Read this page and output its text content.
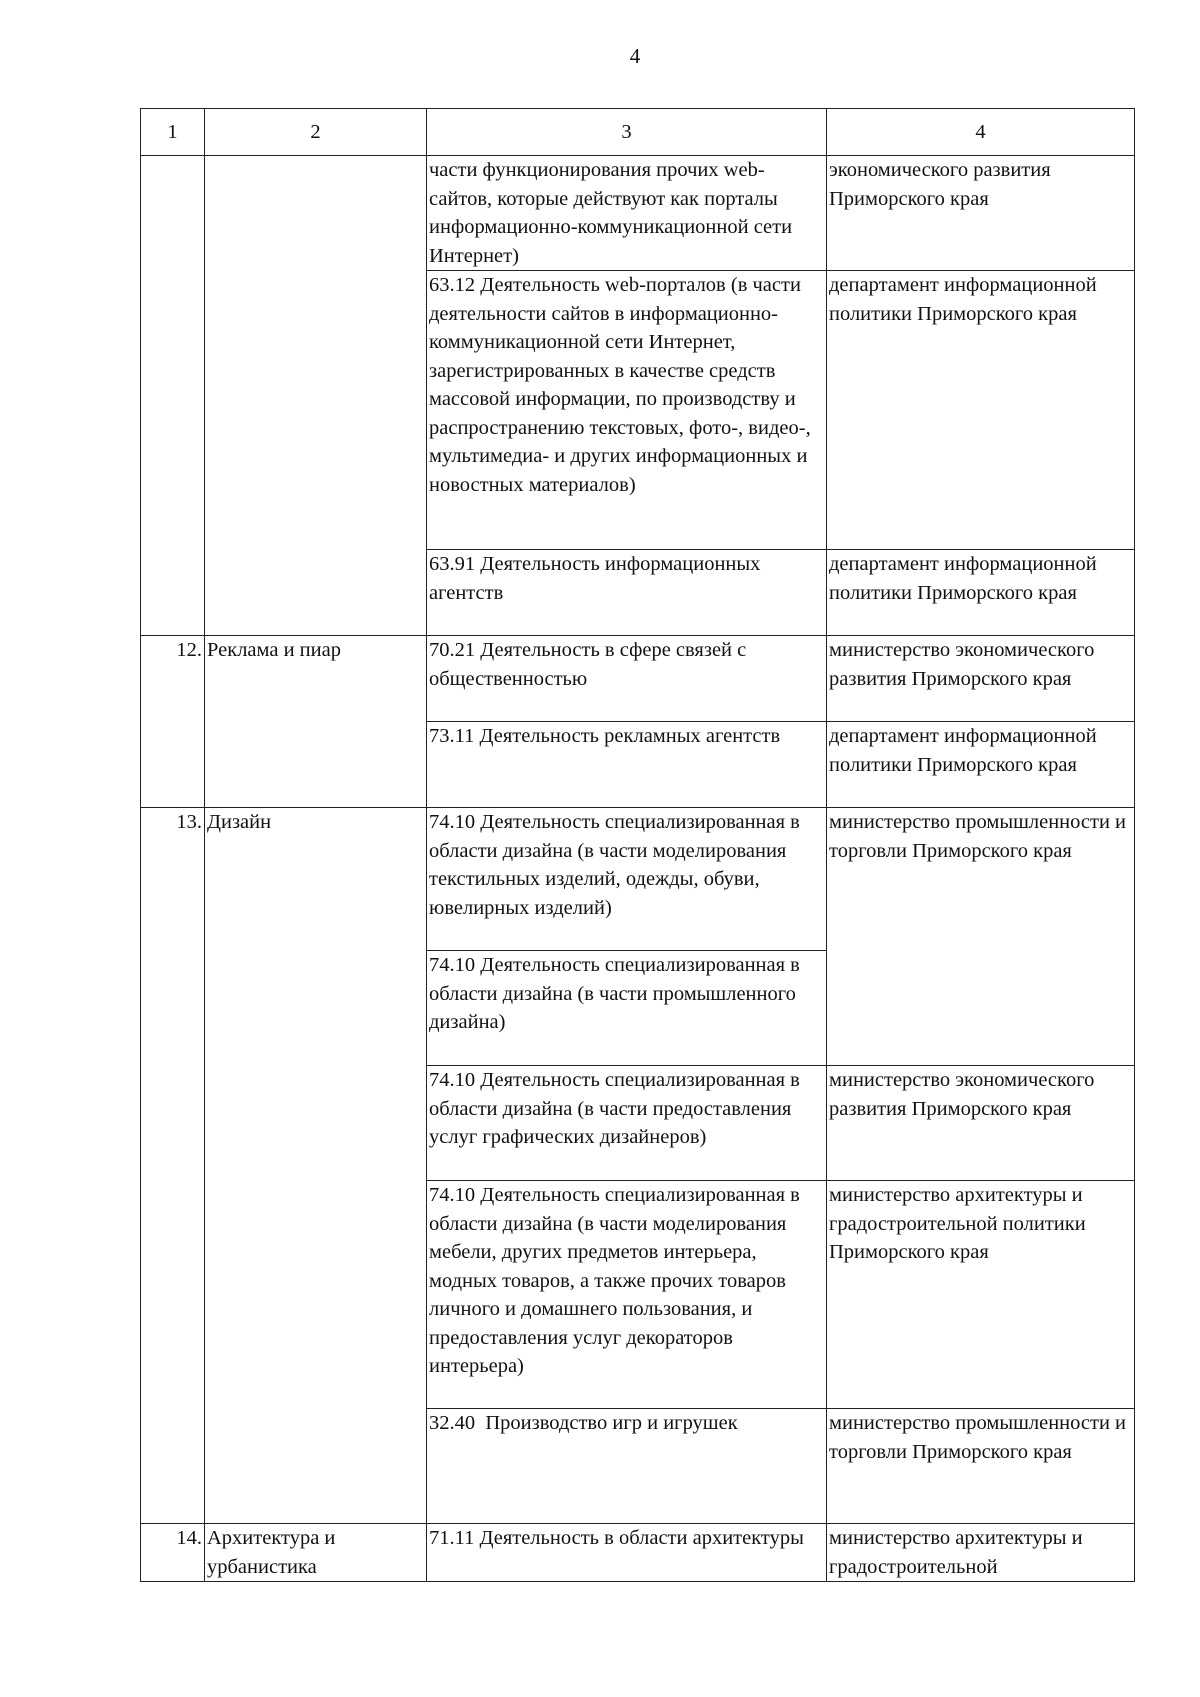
4
1	2	3	4
		части функционирования прочих web-сайтов, которые действуют как порталы информационно-коммуникационной сети Интернет)	экономического развития Приморского края
		63.12 Деятельность web-порталов (в части деятельности сайтов в информационно-коммуникационной сети Интернет, зарегистрированных в качестве средств массовой информации, по производству и распространению текстовых, фото-, видео-, мультимедиа- и других информационных и новостных материалов)	департамент информационной политики Приморского края
		63.91 Деятельность информационных агентств	департамент информационной политики Приморского края
12.	Реклама и пиар	70.21 Деятельность в сфере связей с общественностью	министерство экономического развития Приморского края
		73.11 Деятельность рекламных агентств	департамент информационной политики Приморского края
13.	Дизайн	74.10 Деятельность специализированная в области дизайна (в части моделирования текстильных изделий, одежды, обуви, ювелирных изделий)	министерство промышленности и торговли Приморского края
		74.10 Деятельность специализированная в области дизайна (в части промышленного дизайна)	
		74.10 Деятельность специализированная в области дизайна (в части предоставления услуг графических дизайнеров)	министерство экономического развития Приморского края
		74.10 Деятельность специализированная в области дизайна (в части моделирования мебели, других предметов интерьера, модных товаров, а также прочих товаров личного и домашнего пользования, и предоставления услуг декораторов интерьера)	министерство архитектуры и градостроительной политики Приморского края
		32.40  Производство игр и игрушек	министерство промышленности и торговли Приморского края
14.	Архитектура и урбанистика	71.11 Деятельность в области архитектуры	министерство архитектуры и градостроительной
